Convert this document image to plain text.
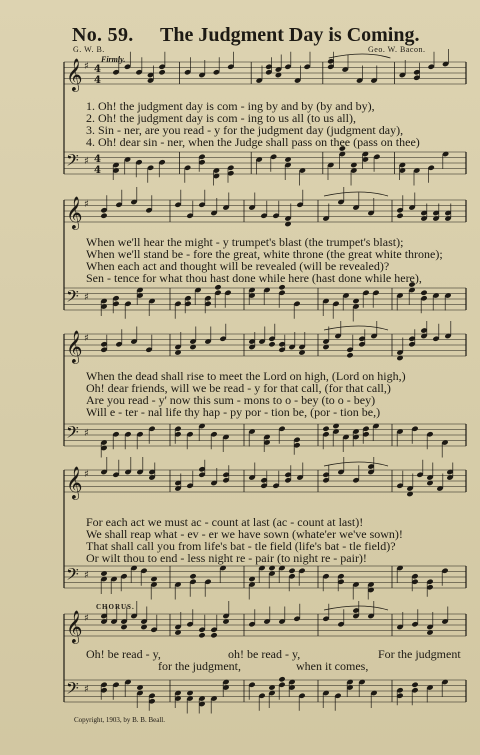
No. 59. The Judgment Day is Coming.
G. W. B.	Geo. W. Bacon.
Firmly.
𝄞 ♯ 4
4
𝄢 ♯ 4
4
𝄞 ♯
𝄢 ♯
𝄞 ♯
𝄢 ♯
𝄞 ♯
𝄢 ♯
𝄞 ♯
𝄢 ♯
1. Oh! the judgment day is com - ing by and by (by and by),
2. Oh! the judgment day is com - ing to us all (to us all),
3. Sin - ner, are you read - y for the judgment day (judgment day),
4. Oh! dear sin - ner, when the Judge shall pass on thee (pass on thee)
When we'll hear the might - y trumpet's blast (the trumpet's blast);
When we'll stand be - fore the great, white throne (the great white throne);
When each act and thought will be revealed (will be revealed)?
Sen - tence for what thou hast done while here (hast done while here),
When the dead shall rise to meet the Lord on high, (Lord on high,)
Oh! dear friends, will we be read - y for that call, (for that call,)
Are you read - y' now this sum - mons to o - bey (to o - bey)
Will e - ter - nal life thy hap - py por - tion be, (por - tion be,)
For each act we must ac - count at last (ac - count at last)!
We shall reap what - ev - er we have sown (whate'er we've sown)!
That shall call you from life's bat - tle field (life's bat - tle field)?
Or wilt thou to end - less night re - pair (to night re - pair)!
CHORUS.
Oh! be read - y,	oh! be read - y,	For the judgment
for the judgment,	when it comes,
Copyright, 1903, by B. B. Beall.
